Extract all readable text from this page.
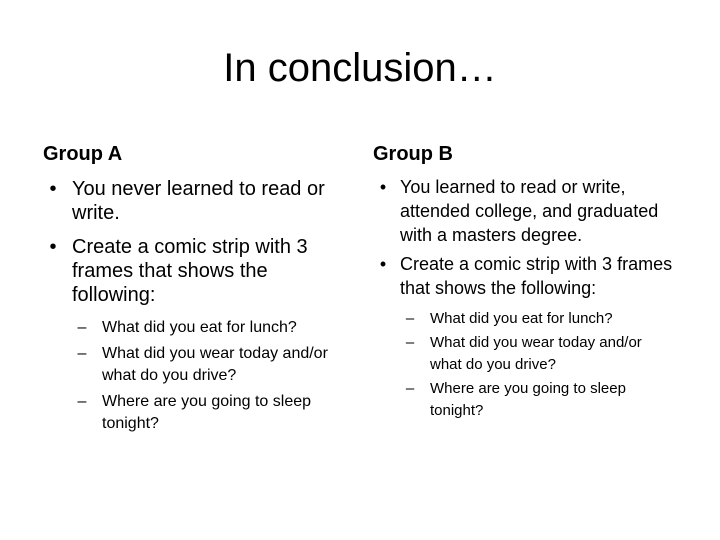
In conclusion…
Group A	Group B
• You never learned to read or write.
• Create a comic strip with 3 frames that shows the following:
– What did you eat for lunch?
– What did you wear today and/or what do you drive?
– Where are you going to sleep tonight?
• You learned to read or write, attended college, and graduated with a masters degree.
• Create a comic strip with 3 frames that shows the following:
–	What did you eat for lunch?
–	What did you wear today and/or what do you drive?
–	Where are you going to sleep tonight?
